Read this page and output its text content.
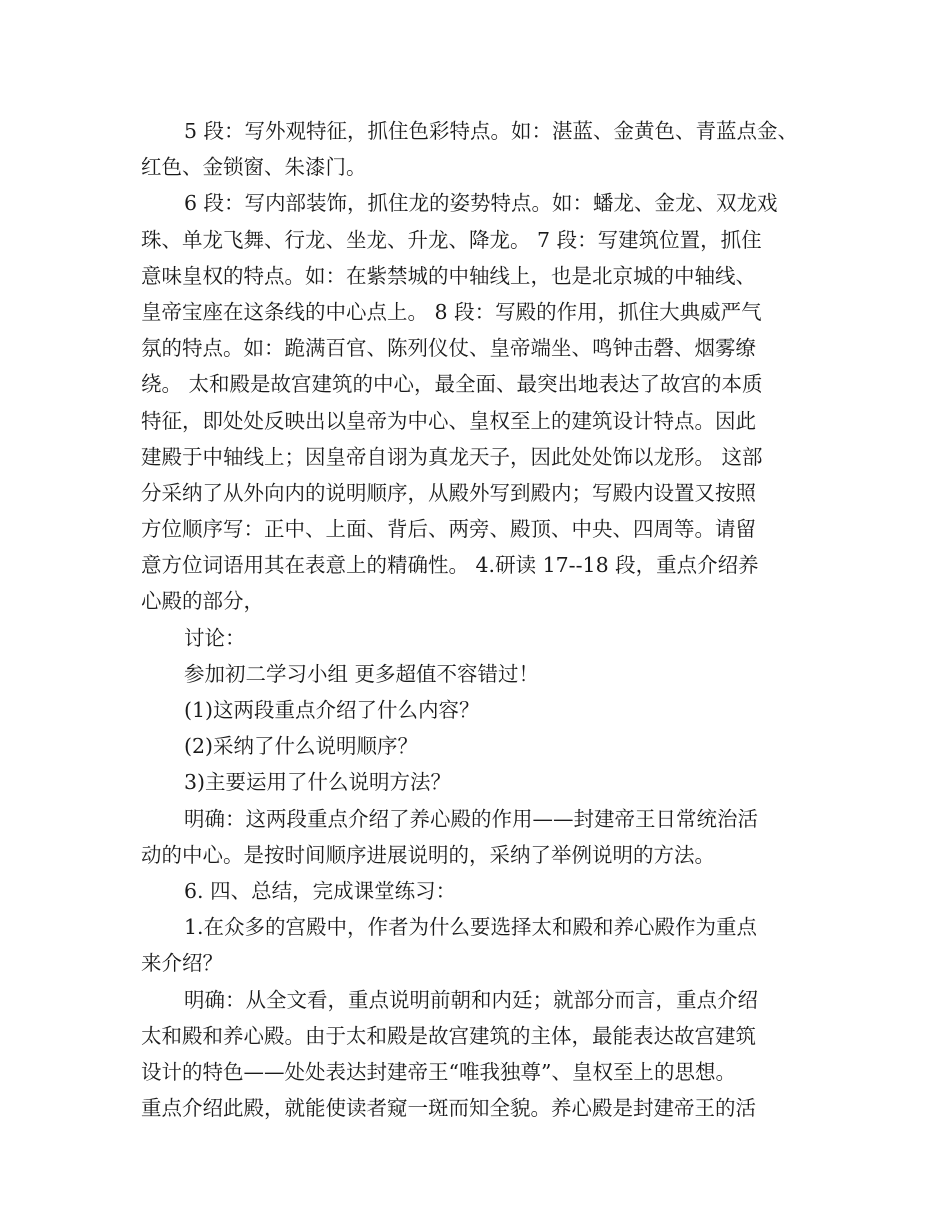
5 段：写外观特征，抓住色彩特点。如：湛蓝、金黄色、青蓝点金、
红色、金锁窗、朱漆门。
6 段：写内部装饰，抓住龙的姿势特点。如：蟠龙、金龙、双龙戏
珠、单龙飞舞、行龙、坐龙、升龙、降龙。 7 段：写建筑位置，抓住
意味皇权的特点。如：在紫禁城的中轴线上，也是北京城的中轴线、
皇帝宝座在这条线的中心点上。 8 段：写殿的作用，抓住大典威严气
氛的特点。如：跪满百官、陈列仪仗、皇帝端坐、鸣钟击磬、烟雾缭
绕。 太和殿是故宫建筑的中心，最全面、最突出地表达了故宫的本质
特征，即处处反映出以皇帝为中心、皇权至上的建筑设计特点。因此
建殿于中轴线上；因皇帝自诩为真龙天子，因此处处饰以龙形。 这部
分采纳了从外向内的说明顺序，从殿外写到殿内；写殿内设置又按照
方位顺序写：正中、上面、背后、两旁、殿顶、中央、四周等。请留
意方位词语用其在表意上的精确性。 4.研读 17--18 段，重点介绍养
心殿的部分，
讨论：
参加初二学习小组 更多超值不容错过！
(1)这两段重点介绍了什么内容？
(2)采纳了什么说明顺序？
3)主要运用了什么说明方法？
明确：这两段重点介绍了养心殿的作用——封建帝王日常统治活
动的中心。是按时间顺序进展说明的，采纳了举例说明的方法。
6. 四、总结，完成课堂练习：
1.在众多的宫殿中，作者为什么要选择太和殿和养心殿作为重点
来介绍？
明确：从全文看，重点说明前朝和内廷；就部分而言，重点介绍
太和殿和养心殿。由于太和殿是故宫建筑的主体，最能表达故宫建筑
设计的特色——处处表达封建帝王“唯我独尊”、皇权至上的思想。
重点介绍此殿，就能使读者窥一斑而知全貌。养心殿是封建帝王的活
